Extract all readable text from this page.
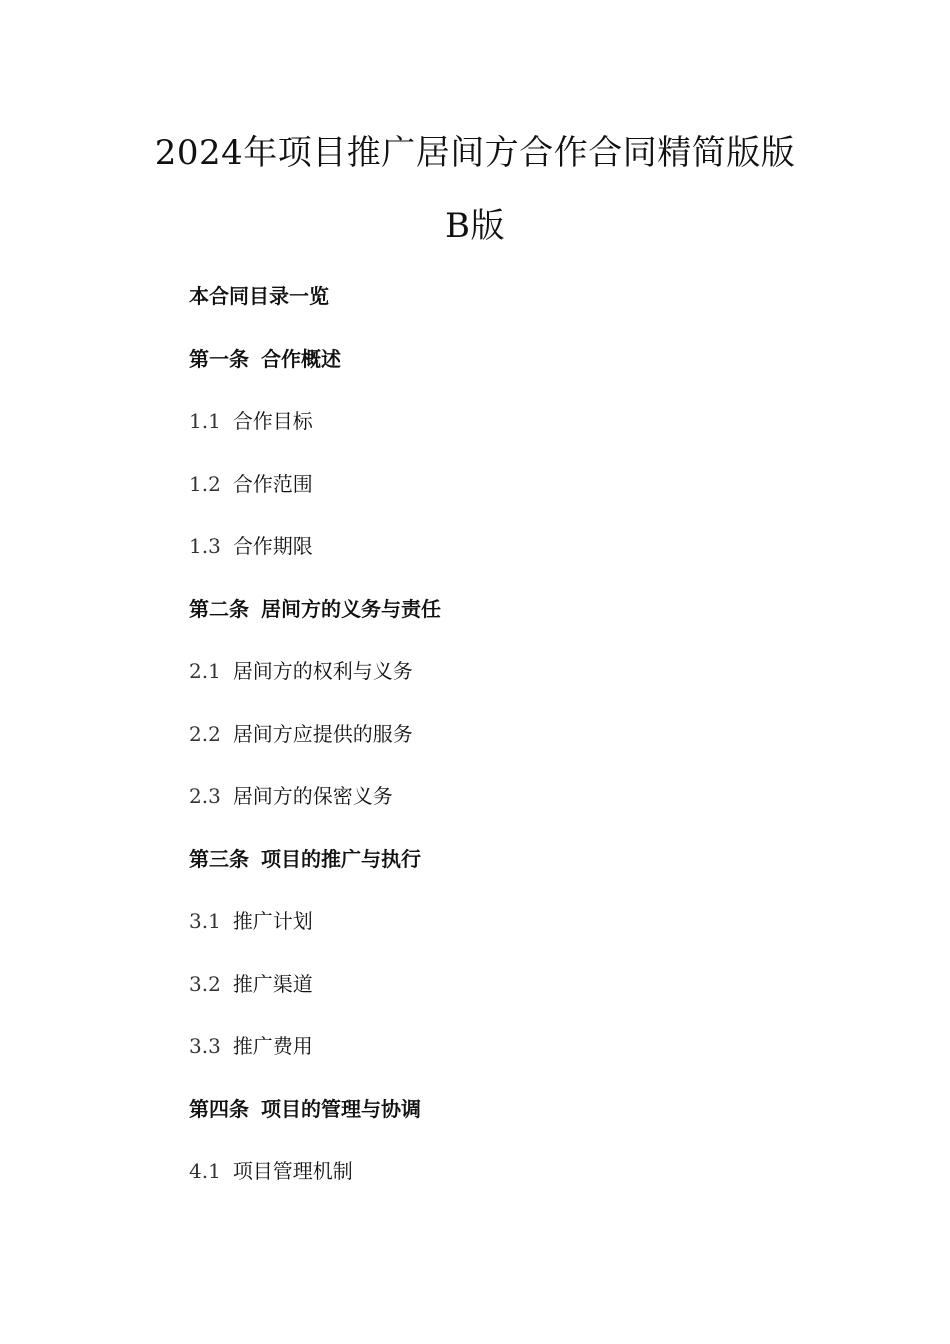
2024年项目推广居间方合作合同精简版版
B版
本合同目录一览
第一条 合作概述
1.1 合作目标
1.2 合作范围
1.3 合作期限
第二条 居间方的义务与责任
2.1 居间方的权利与义务
2.2 居间方应提供的服务
2.3 居间方的保密义务
第三条 项目的推广与执行
3.1 推广计划
3.2 推广渠道
3.3 推广费用
第四条 项目的管理与协调
4.1 项目管理机制
